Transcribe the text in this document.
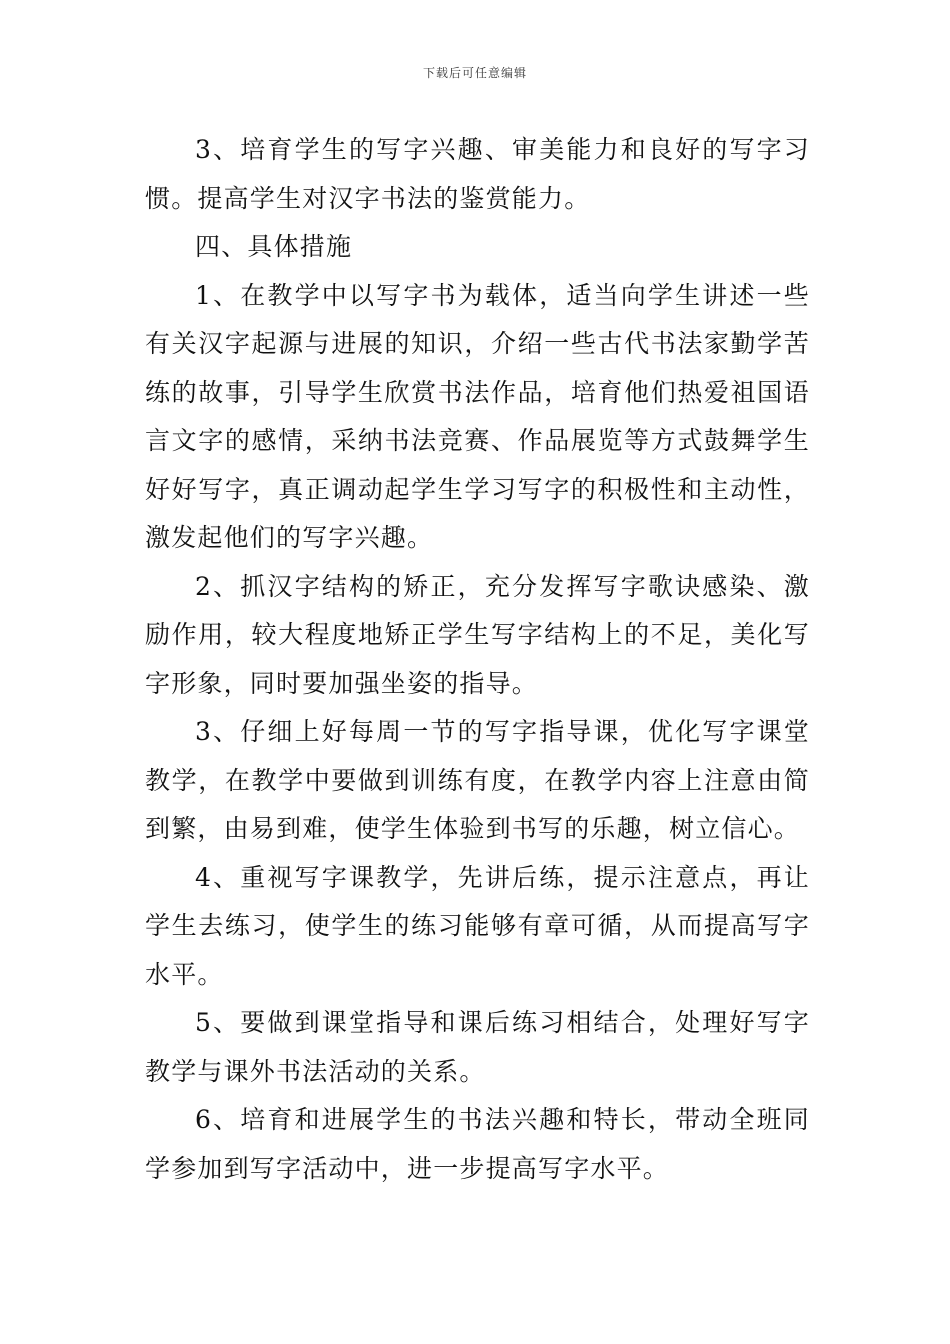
下载后可任意编辑

3、培育学生的写字兴趣、审美能力和良好的写字习惯。提高学生对汉字书法的鉴赏能力。

四、具体措施

1、在教学中以写字书为载体，适当向学生讲述一些有关汉字起源与进展的知识，介绍一些古代书法家勤学苦练的故事，引导学生欣赏书法作品，培育他们热爱祖国语言文字的感情，采纳书法竞赛、作品展览等方式鼓舞学生好好写字，真正调动起学生学习写字的积极性和主动性，激发起他们的写字兴趣。

2、抓汉字结构的矫正，充分发挥写字歌诀感染、激励作用，较大程度地矫正学生写字结构上的不足，美化写字形象，同时要加强坐姿的指导。

3、仔细上好每周一节的写字指导课，优化写字课堂教学，在教学中要做到训练有度，在教学内容上注意由简到繁，由易到难，使学生体验到书写的乐趣，树立信心。

4、重视写字课教学，先讲后练，提示注意点，再让学生去练习，使学生的练习能够有章可循，从而提高写字水平。

5、要做到课堂指导和课后练习相结合，处理好写字教学与课外书法活动的关系。

6、培育和进展学生的书法兴趣和特长，带动全班同学参加到写字活动中，进一步提高写字水平。
